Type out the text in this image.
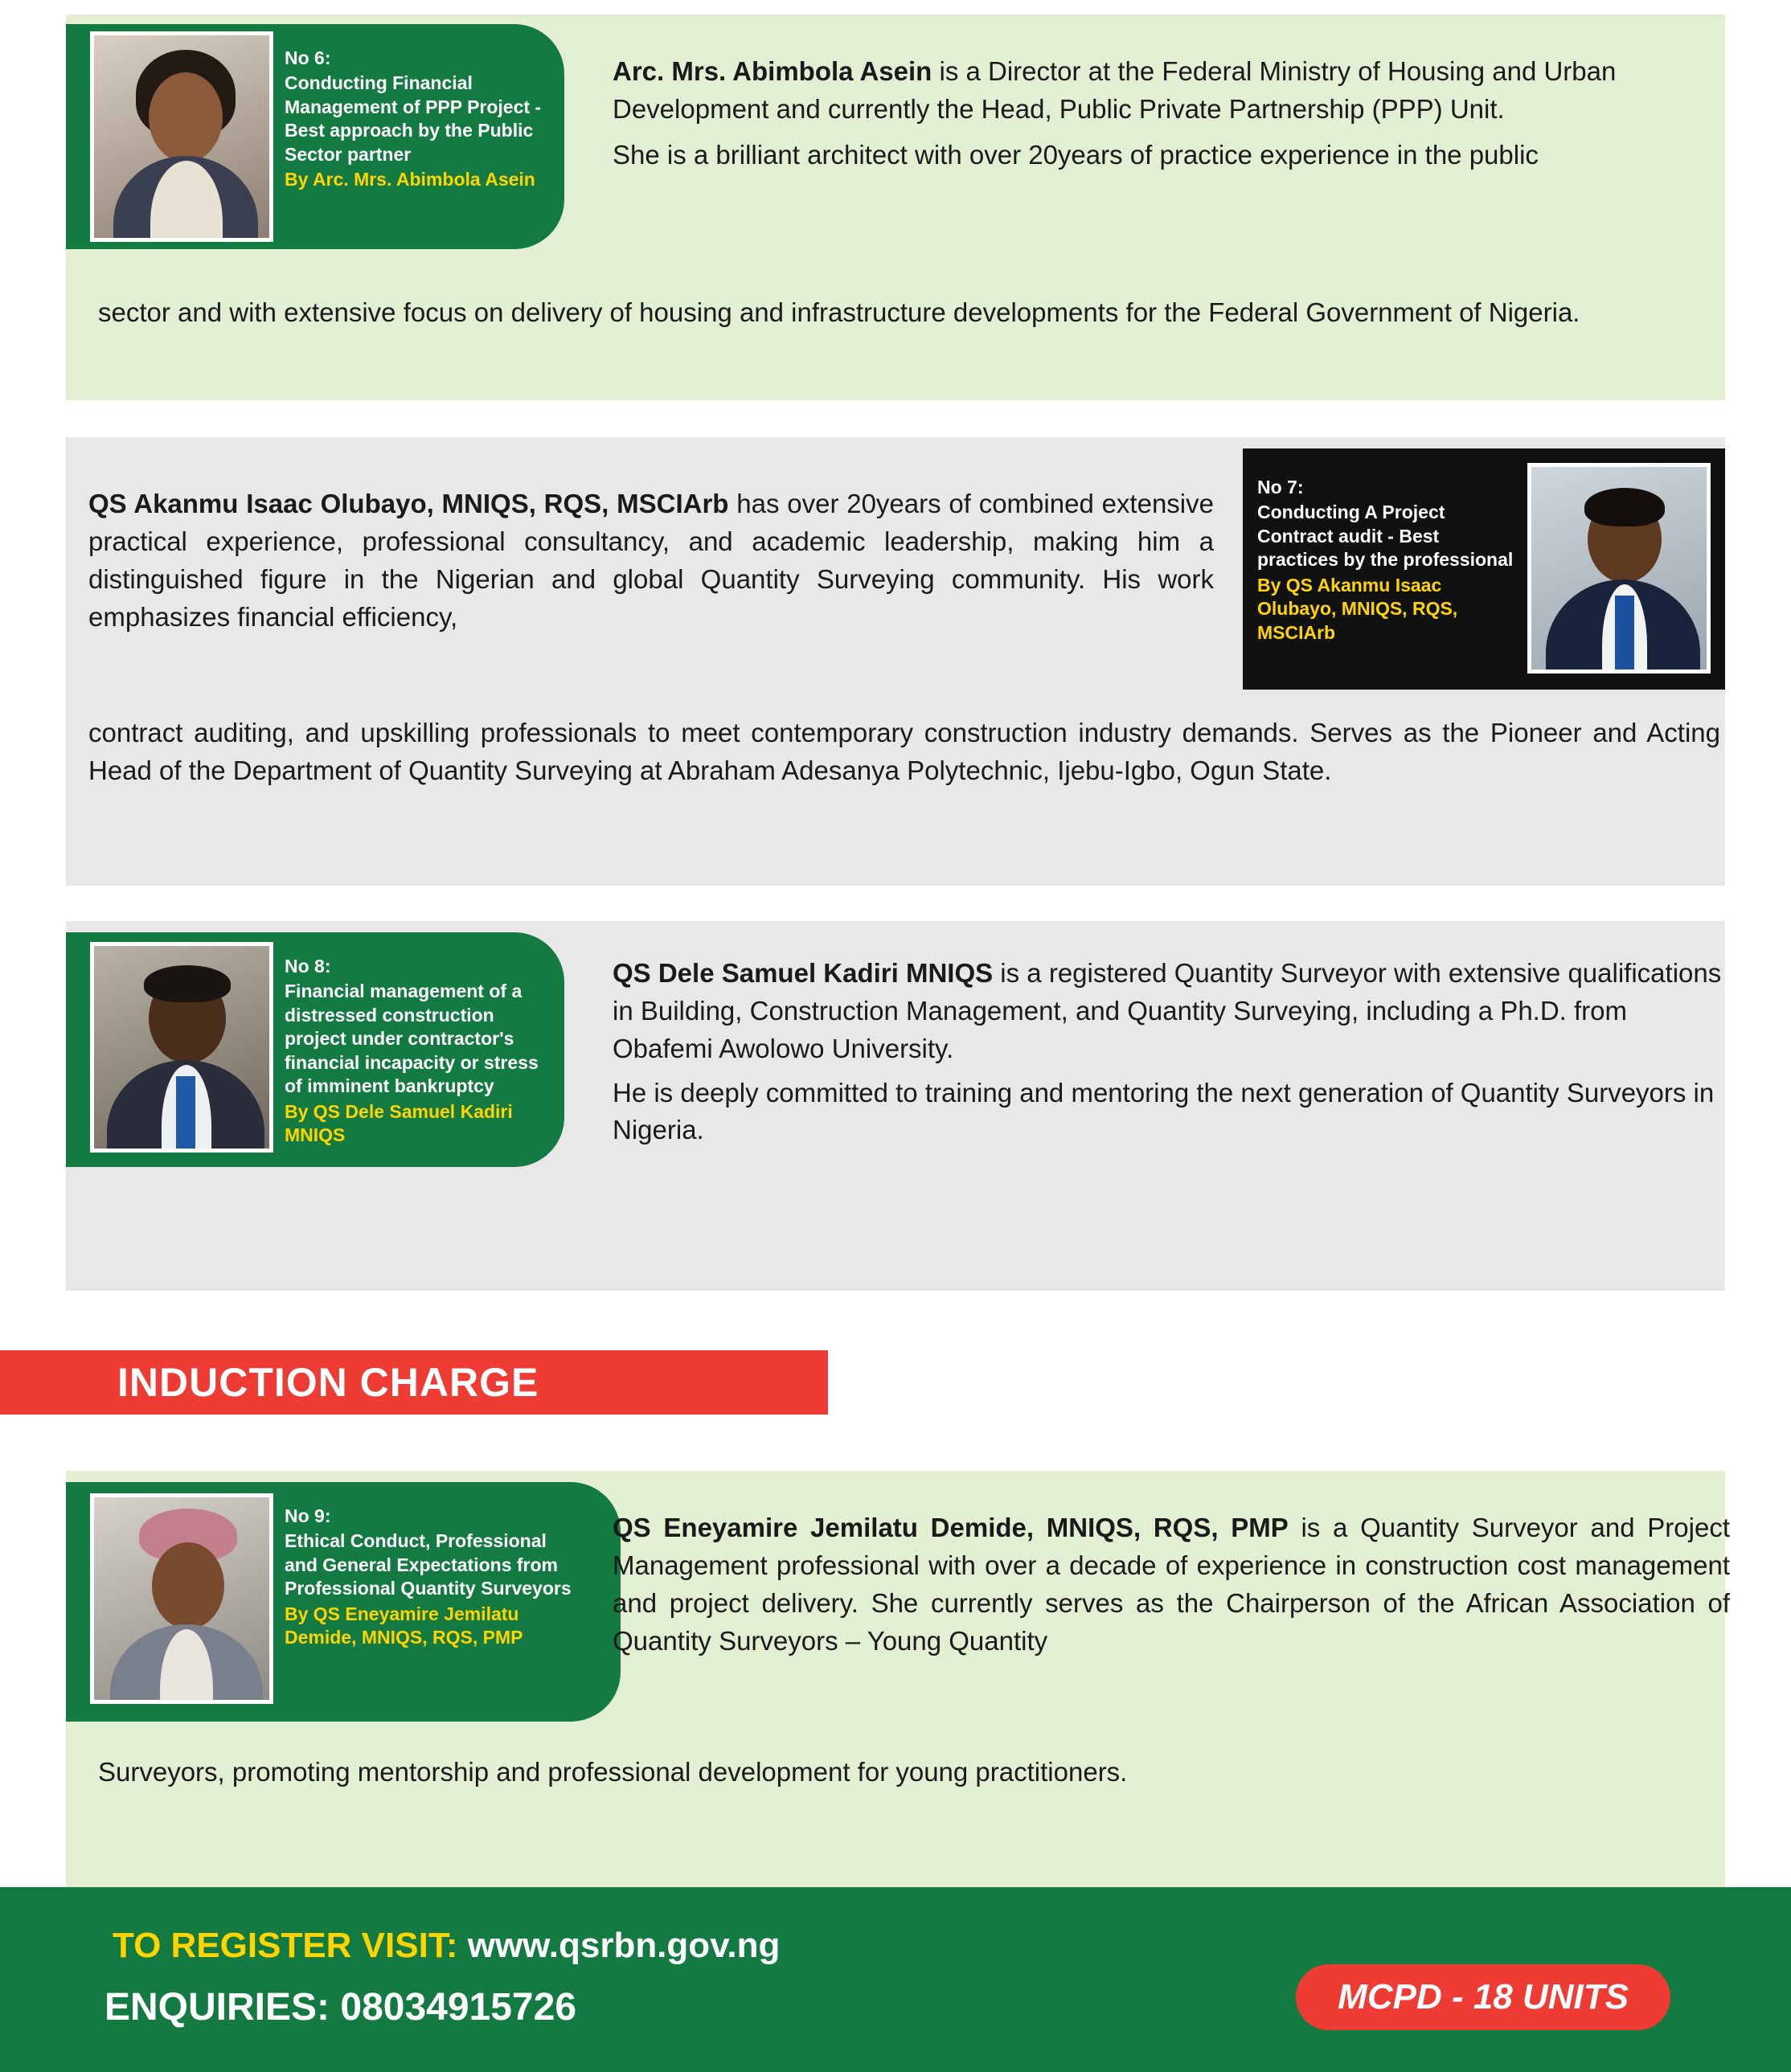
No 6:
Conducting Financial Management of PPP Project - Best approach by the Public Sector partner
By Arc. Mrs. Abimbola Asein
Arc. Mrs. Abimbola Asein is a Director at the Federal Ministry of Housing and Urban Development and currently the Head, Public Private Partnership (PPP) Unit.
She is a brilliant architect with over 20years of practice experience in the public
sector and with extensive focus on delivery of housing and infrastructure developments for the Federal Government of Nigeria.
No 7:
Conducting A Project Contract audit - Best practices by the professional
By QS Akanmu Isaac Olubayo, MNIQS, RQS, MSCIArb
QS Akanmu Isaac Olubayo, MNIQS, RQS, MSCIArb has over 20years of combined extensive practical experience, professional consultancy, and academic leadership, making him a distinguished figure in the Nigerian and global Quantity Surveying community. His work emphasizes financial efficiency,
contract auditing, and upskilling professionals to meet contemporary construction industry demands. Serves as the Pioneer and Acting Head of the Department of Quantity Surveying at Abraham Adesanya Polytechnic, Ijebu-Igbo, Ogun State.
No 8:
Financial management of a distressed construction project under contractor's financial incapacity or stress of imminent bankruptcy
By QS Dele Samuel Kadiri MNIQS
QS Dele Samuel Kadiri MNIQS is a registered Quantity Surveyor with extensive qualifications in Building, Construction Management, and Quantity Surveying, including a Ph.D. from Obafemi Awolowo University.
He is deeply committed to training and mentoring the next generation of Quantity Surveyors in Nigeria.
INDUCTION CHARGE
No 9:
Ethical Conduct, Professional and General Expectations from Professional Quantity Surveyors
By QS Eneyamire Jemilatu Demide, MNIQS, RQS, PMP
QS Eneyamire Jemilatu Demide, MNIQS, RQS, PMP is a Quantity Surveyor and Project Management professional with over a decade of experience in construction cost management and project delivery. She currently serves as the Chairperson of the African Association of Quantity Surveyors – Young Quantity
Surveyors, promoting mentorship and professional development for young practitioners.
TO REGISTER VISIT: www.qsrbn.gov.ng
ENQUIRIES: 08034915726	MCPD - 18 UNITS
